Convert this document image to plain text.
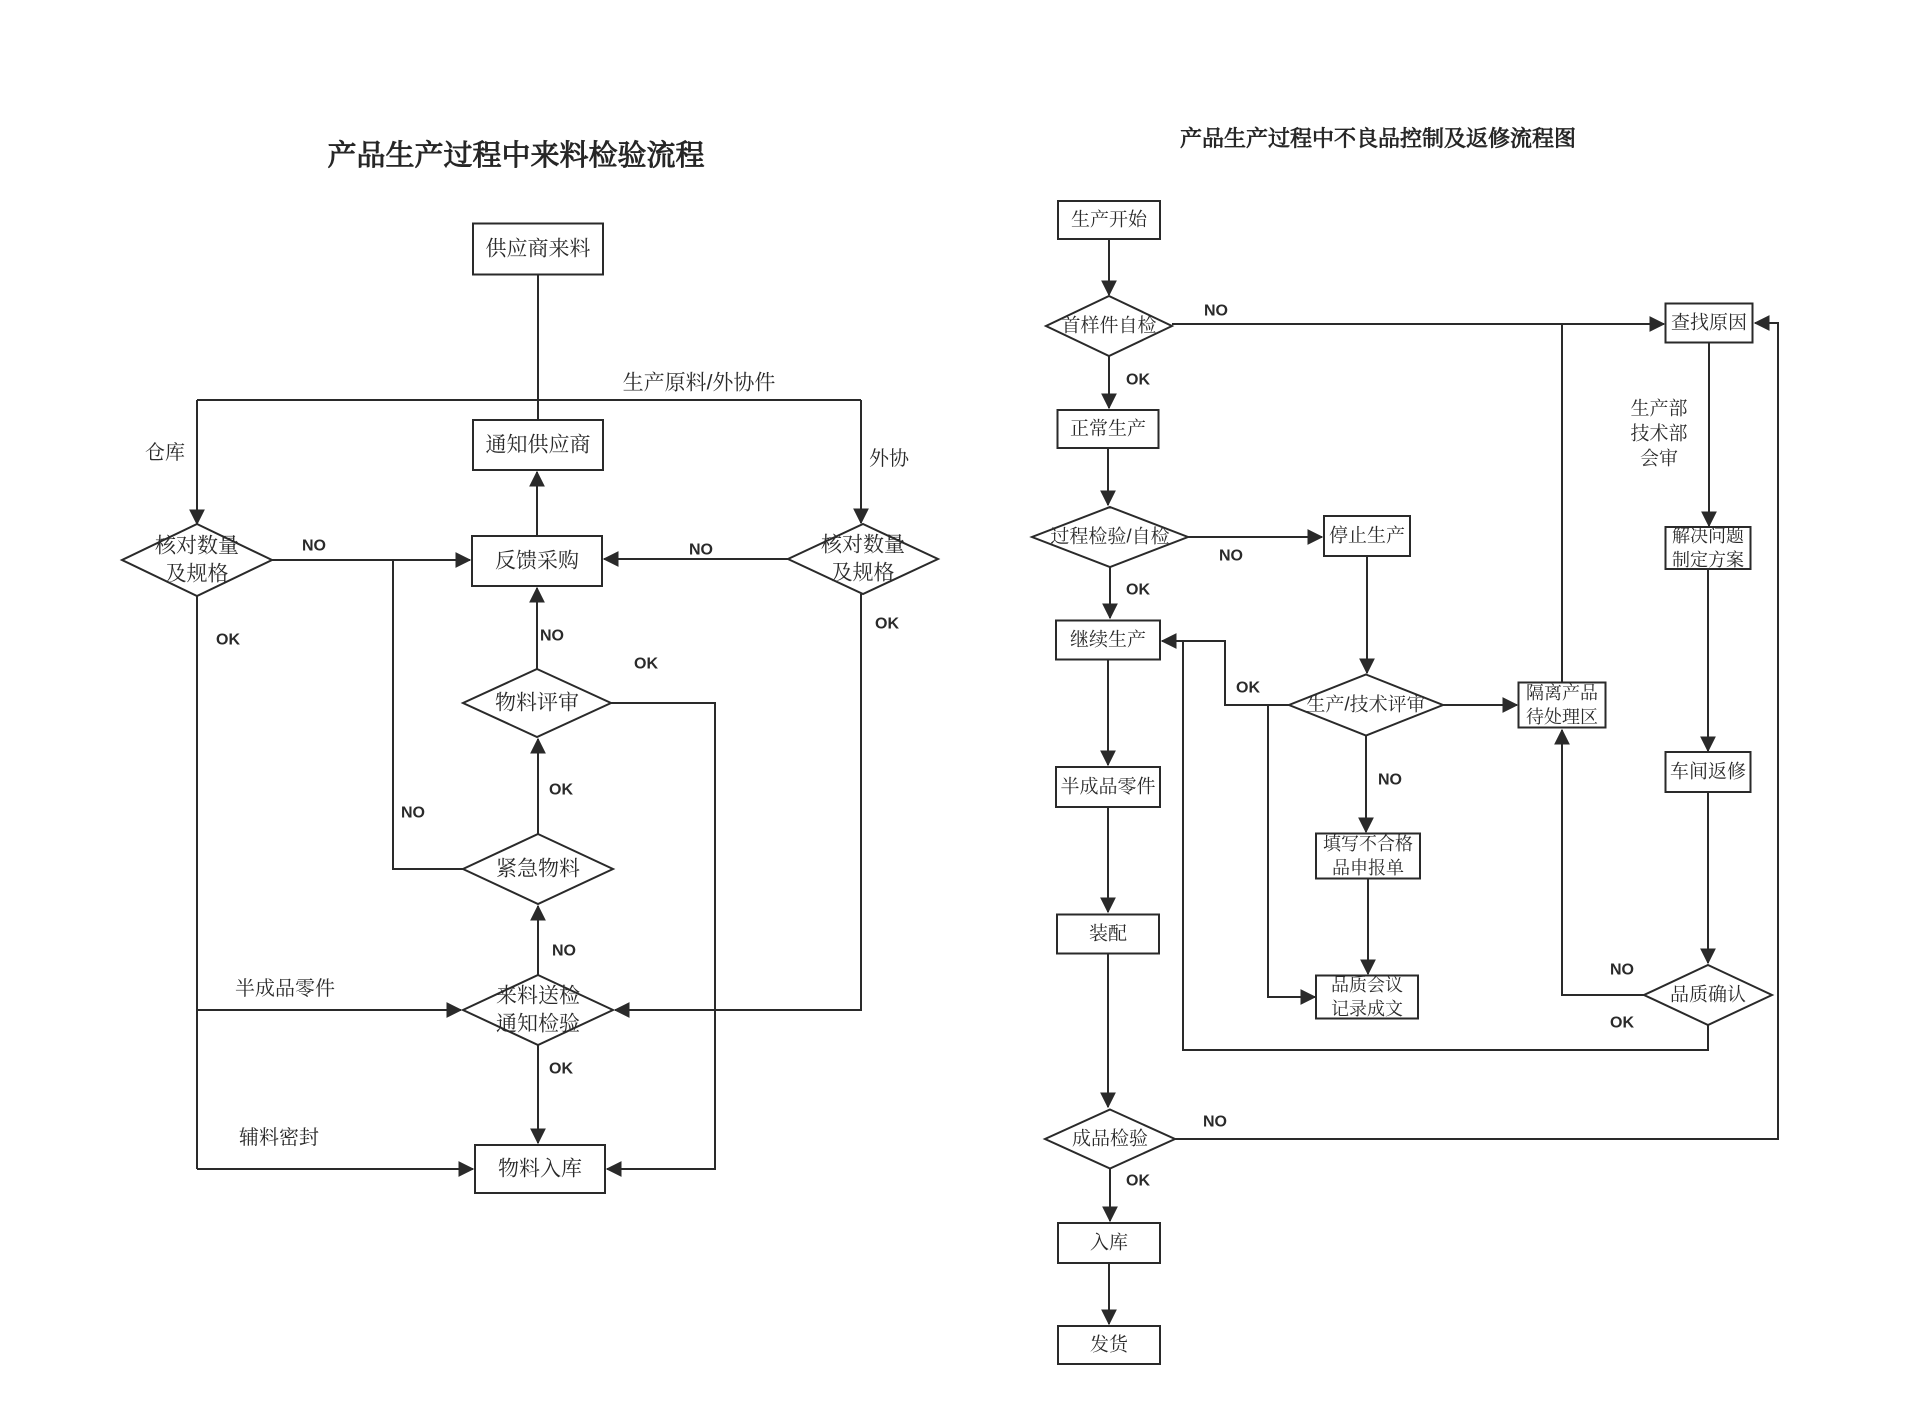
供应商来料
通知供应商
反馈采购
核对数量及规格
核对数量及规格
物料评审
紧急物料
来料送检通知检验
物料入库
仓库	外协
生产原料/外协件
半成品零件
辅料密封
NO	NO
OK
OK
NO
OK
OK
NO
NO
OK
生产开始
首样件自检
正常生产
过程检验/自检
继续生产
半成品零件
装配
成品检验
入库
发货
停止生产
生产/技术评审
填写不合格品申报单
品质会议记录成文
隔离产品待处理区
查找原因
解决问题制定方案
车间返修
品质确认
生产部技术部会审
NO
OK
NO
OK
OK
NO
NO
OK
NO
OK
产品生产过程中来料检验流程
产品生产过程中不良品控制及返修流程图
